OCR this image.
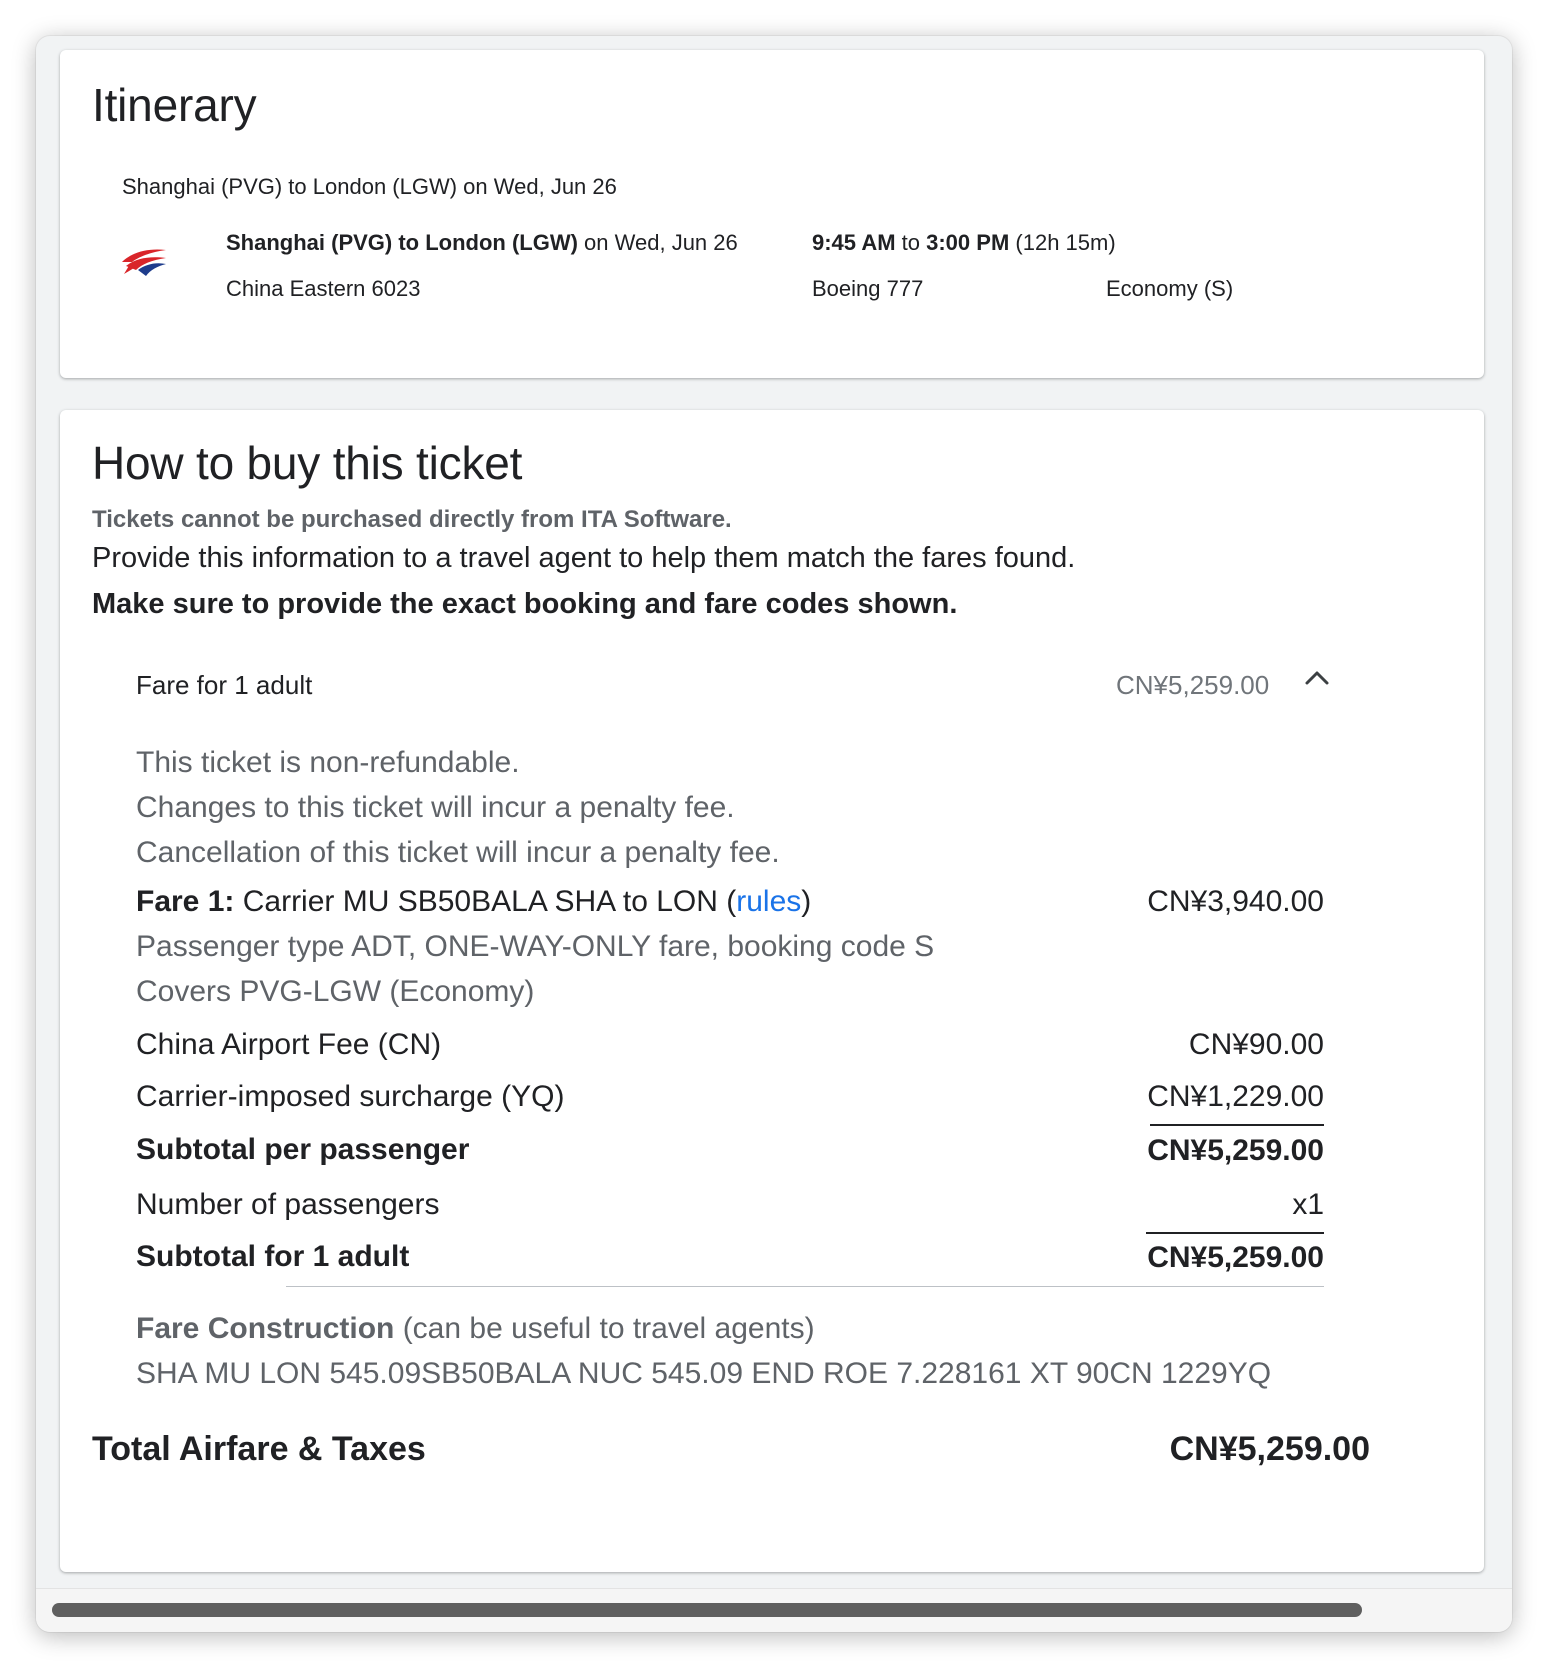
Itinerary
Shanghai (PVG) to London (LGW) on Wed, Jun 26
Shanghai (PVG) to London (LGW) on Wed, Jun 26
China Eastern 6023
9:45 AM to 3:00 PM (12h 15m)
Boeing 777	Economy (S)
How to buy this ticket
Tickets cannot be purchased directly from ITA Software.
Provide this information to a travel agent to help them match the fares found.
Make sure to provide the exact booking and fare codes shown.
Fare for 1 adult	CN¥5,259.00
This ticket is non-refundable.
Changes to this ticket will incur a penalty fee.
Cancellation of this ticket will incur a penalty fee.
Fare 1: Carrier MU SB50BALA SHA to LON (rules)	CN¥3,940.00
Passenger type ADT, ONE-WAY-ONLY fare, booking code S
Covers PVG-LGW (Economy)
China Airport Fee (CN)	CN¥90.00
Carrier-imposed surcharge (YQ)	CN¥1,229.00
Subtotal per passenger	CN¥5,259.00
Number of passengers	x1
Subtotal for 1 adult	CN¥5,259.00
Fare Construction (can be useful to travel agents)
SHA MU LON 545.09SB50BALA NUC 545.09 END ROE 7.228161 XT 90CN 1229YQ
Total Airfare & Taxes	CN¥5,259.00
